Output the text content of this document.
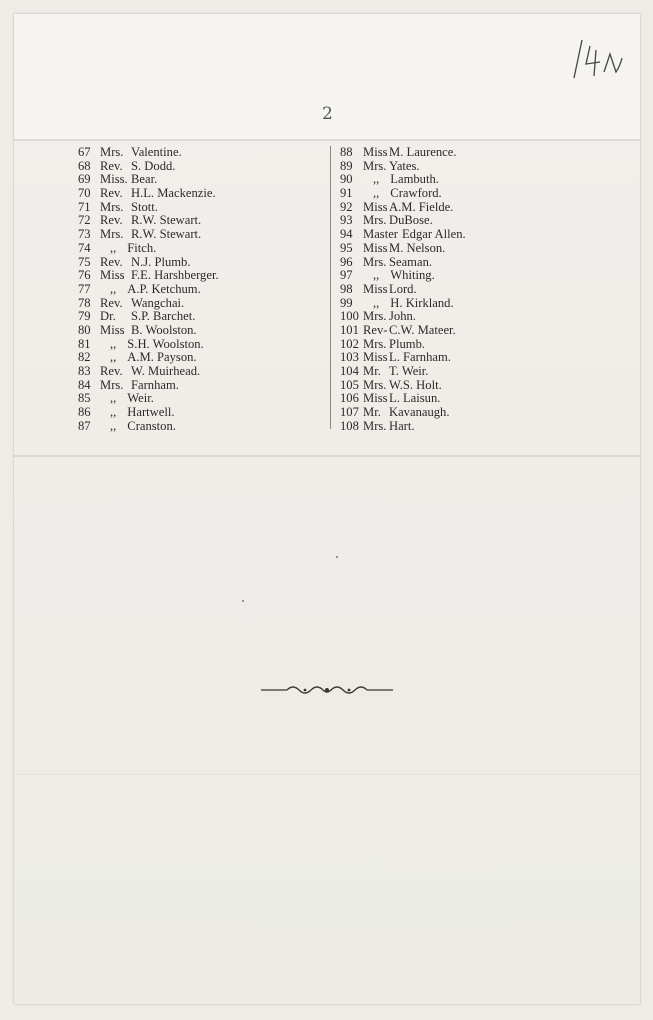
2
67 Mrs. Valentine.
68 Rev. S. Dodd.
69 Miss. Bear.
70 Rev. H.L. Mackenzie.
71 Mrs. Stott.
72 Rev. R.W. Stewart.
73 Mrs. R.W. Stewart.
74	,, Fitch.
75 Rev. N.J. Plumb.
76 Miss F.E. Harshberger.
77	,, A.P. Ketchum.
78 Rev. Wangchai.
79 Dr.	S.P. Barchet.
80 Miss B. Woolston.
81	,, S.H. Woolston.
82	,, A.M. Payson.
83 Rev. W. Muirhead.
84 Mrs. Farnham.
85	,, Weir.
86	,, Hartwell.
87	,, Cranston.
88 Miss M. Laurence.
89 Mrs. Yates.
90	,, Lambuth.
91	,, Crawford.
92 Miss A.M. Fielde.
93 Mrs. DuBose.
94 Master Edgar Allen.
95 Miss M. Nelson.
96 Mrs. Seaman.
97	,, Whiting.
98 Miss Lord.
99	,, H. Kirkland.
100 Mrs. John.
101 Rev- C.W. Mateer.
102 Mrs. Plumb.
103 Miss L. Farnham.
104 Mr. T. Weir.
105 Mrs. W.S. Holt.
106 Miss L. Laisun.
107 Mr. Kavanaugh.
108 Mrs. Hart.
